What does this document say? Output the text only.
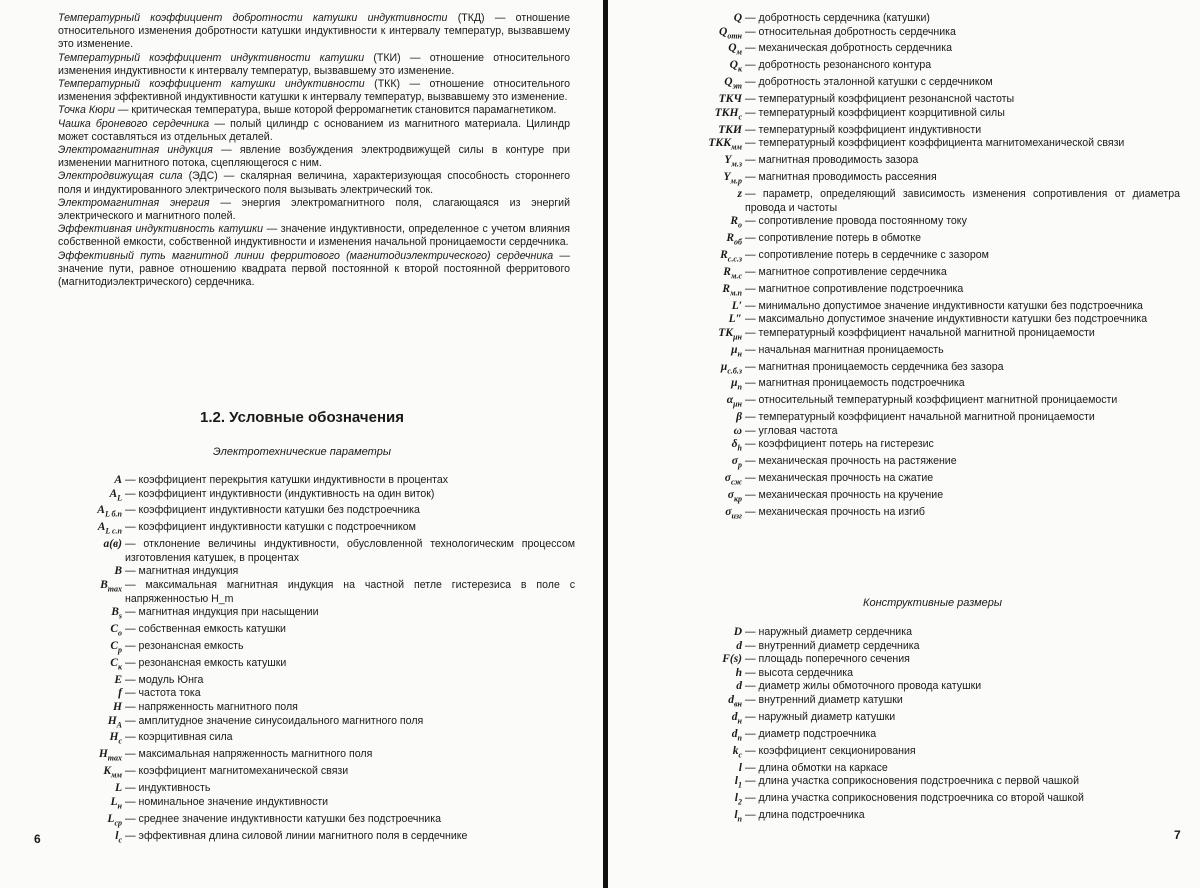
Температурный коэффициент добротности катушки индуктивности (ТКД) — отношение относительного изменения добротности катушки индуктивности к интервалу температур, вызвавшему это изменение.

Температурный коэффициент индуктивности катушки (ТКИ) — отношение относительного изменения индуктивности к интервалу температур, вызвавшему это изменение.

Температурный коэффициент катушки индуктивности (ТКК) — отношение относительного изменения эффективной индуктивности катушки к интервалу температур, вызвавшему это изменение.

Точка Кюри — критическая температура, выше которой ферромагнетик становится парамагнетиком.

Чашка броневого сердечника — полый цилиндр с основанием из магнитного материала. Цилиндр может составляться из отдельных деталей.

Электромагнитная индукция — явление возбуждения электродвижущей силы в контуре при изменении магнитного потока, сцепляющегося с ним.

Электродвижущая сила (ЭДС) — скалярная величина, характеризующая способность стороннего поля и индуктированного электрического поля вызывать электрический ток.

Электромагнитная энергия — энергия электромагнитного поля, слагающаяся из энергий электрического и магнитного полей.

Эффективная индуктивность катушки — значение индуктивности, определенное с учетом влияния собственной емкости, собственной индуктивности и изменения начальной проницаемости сердечника.

Эффективный путь магнитной линии ферритового (магнитодиэлектрического) сердечника — значение пути, равное отношению квадрата первой постоянной к второй постоянной ферритового (магнитодиэлектрического) сердечника.

1.2. Условные обозначения
Электротехнические параметры
A — коэффициент перекрытия катушки индуктивности в процентах
$A_L$ — коэффициент индуктивности (индуктивность на один виток)
$A_{L б.п}$ — коэффициент индуктивности катушки без подстроечника
$A_{L с.п}$ — коэффициент индуктивности катушки с подстроечником
a(в) — отклонение величины индуктивности, обусловленной технологическим процессом изготовления катушек, в процентах
B — магнитная индукция
$B_{max}$ — максимальная магнитная индукция на частной петле гистерезиса в поле с напряженностью H_m
$B_s$ — магнитная индукция при насыщении
$C_о$ — собственная емкость катушки
$C_р$ — резонансная емкость
$C_к$ — резонансная емкость катушки
E — модуль Юнга
f — частота тока
H — напряженность магнитного поля
$H_A$ — амплитудное значение синусоидального магнитного поля
$H_c$ — коэрцитивная сила
$H_{max}$ — максимальная напряженность магнитного поля
$K_{мм}$ — коэффициент магнитомеханической связи
L — индуктивность
$L_н$ — номинальное значение индуктивности
$L_{ср}$ — среднее значение индуктивности катушки без подстроечника
$l_c$ — эффективная длина силовой линии магнитного поля в сердечнике
6	7
Q — добротность сердечника (катушки)
$Q_{отн}$ — относительная добротность сердечника
$Q_м$ — механическая добротность сердечника
$Q_к$ — добротность резонансного контура
$Q_{эт}$ — добротность эталонной катушки с сердечником
ТКЧ — температурный коэффициент резонансной частоты
$ТКН_с$ — температурный коэффициент коэрцитивной силы
ТКИ — температурный коэффициент индуктивности
$ТКК_{мм}$ — температурный коэффициент коэффициента магнитомеханической связи
$Y_{м.з}$ — магнитная проводимость зазора
$Y_{м.р}$ — магнитная проводимость рассеяния
z — параметр, определяющий зависимость изменения сопротивления от диаметра провода и частоты
$R_о$ — сопротивление провода постоянному току
$R_{об}$ — сопротивление потерь в обмотке
$R_{с.с.з}$ — сопротивление потерь в сердечнике с зазором
$R_{м.с}$ — магнитное сопротивление сердечника
$R_{м.п}$ — магнитное сопротивление подстроечника
L′ — минимально допустимое значение индуктивности катушки без подстроечника
L″ — максимально допустимое значение индуктивности катушки без подстроечника
$ТК_{\mu н}$ — температурный коэффициент начальной магнитной проницаемости
$\mu_н$ — начальная магнитная проницаемость
$\mu_{с.б.з}$ — магнитная проницаемость сердечника без зазора
$\mu_п$ — магнитная проницаемость подстроечника
$\alpha_{\mu н}$ — относительный температурный коэффициент магнитной проницаемости
β — температурный коэффициент начальной магнитной проницаемости
ω — угловая частота
$\delta_h$ — коэффициент потерь на гистерезис
$\sigma_р$ — механическая прочность на растяжение
$\sigma_{сж}$ — механическая прочность на сжатие
$\sigma_{кр}$ — механическая прочность на кручение
$\sigma_{изг}$ — механическая прочность на изгиб
Конструктивные размеры
D — наружный диаметр сердечника
d — внутренний диаметр сердечника
F(s) — площадь поперечного сечения
h — высота сердечника
d — диаметр жилы обмоточного провода катушки
$d_{вн}$ — внутренний диаметр катушки
$d_н$ — наружный диаметр катушки
$d_п$ — диаметр подстроечника
$k_c$ — коэффициент секционирования
l — длина обмотки на каркасе
$l_1$ — длина участка соприкосновения подстроечника с первой чашкой
$l_2$ — длина участка соприкосновения подстроечника со второй чашкой
$l_п$ — длина подстроечника
